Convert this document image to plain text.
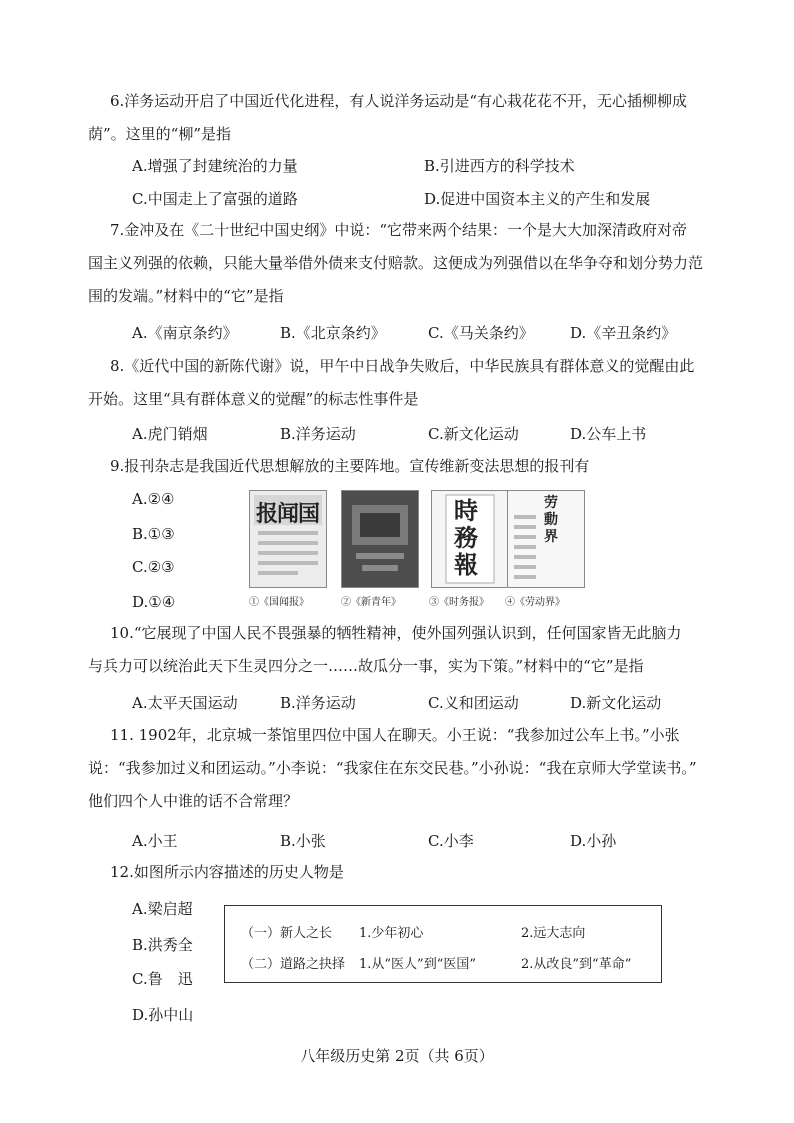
6.洋务运动开启了中国近代化进程，有人说洋务运动是“有心栽花花不开，无心插柳柳成
荫”。这里的“柳”是指
A.增强了封建统治的力量	B.引进西方的科学技术
C.中国走上了富强的道路	D.促进中国资本主义的产生和发展
7.金冲及在《二十世纪中国史纲》中说：“它带来两个结果：一个是大大加深清政府对帝
国主义列强的依赖，只能大量举借外债来支付赔款。这便成为列强借以在华争夺和划分势力范
围的发端。”材料中的“它”是指
A.《南京条约》	B.《北京条约》	C.《马关条约》 D.《辛丑条约》
8.《近代中国的新陈代谢》说，甲午中日战争失败后，中华民族具有群体意义的觉醒由此
开始。这里“具有群体意义的觉醒”的标志性事件是
A.虎门销烟	B.洋务运动	C.新文化运动	D.公车上书
9.报刊杂志是我国近代思想解放的主要阵地。宣传维新变法思想的报刊有
A.②④
B.①③
C.②③
D.①④
报闻国	時務報
劳動界
①《国闻报》	②《新青年》	③《时务报》 ④《劳动界》
10.“它展现了中国人民不畏强暴的牺牲精神，使外国列强认识到，任何国家皆无此脑力
与兵力可以统治此天下生灵四分之一……故瓜分一事，实为下策。”材料中的“它”是指
A.太平天国运动	B.洋务运动	C.义和团运动	D.新文化运动
11. 1902年，北京城一茶馆里四位中国人在聊天。小王说：“我参加过公车上书。”小张
说：“我参加过义和团运动。”小李说：“我家住在东交民巷。”小孙说：“我在京师大学堂读书。”
他们四个人中谁的话不合常理？
A.小王	B.小张	C.小李	D.小孙
12.如图所示内容描述的历史人物是
A.梁启超
B.洪秀全
C.鲁　迅
D.孙中山
（一）新人之长 1.少年初心	2.远大志向
（二）道路之抉择 1.从“医人”到“医国”	2.从改良”到“革命”
八年级历史第 2页（共 6页）
